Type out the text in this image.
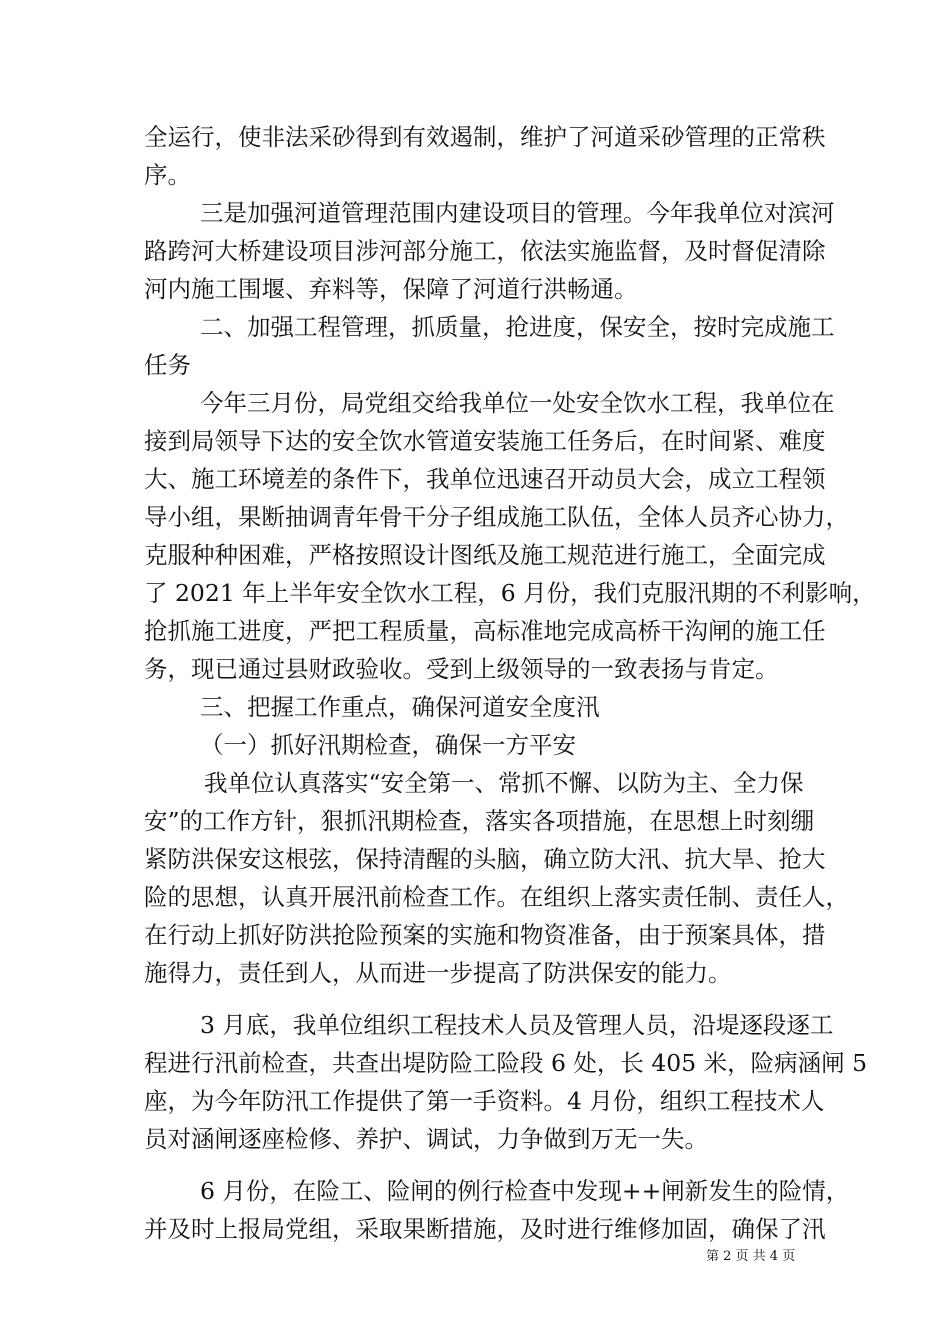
全运行，使非法采砂得到有效遏制，维护了河道采砂管理的正常秩
序。
三是加强河道管理范围内建设项目的管理。今年我单位对滨河
路跨河大桥建设项目涉河部分施工，依法实施监督，及时督促清除
河内施工围堰、弃料等，保障了河道行洪畅通。
二、加强工程管理，抓质量，抢进度，保安全，按时完成施工
任务
今年三月份，局党组交给我单位一处安全饮水工程，我单位在
接到局领导下达的安全饮水管道安装施工任务后，在时间紧、难度
大、施工环境差的条件下，我单位迅速召开动员大会，成立工程领
导小组，果断抽调青年骨干分子组成施工队伍，全体人员齐心协力，
克服种种困难，严格按照设计图纸及施工规范进行施工，全面完成
了 2021 年上半年安全饮水工程，6 月份，我们克服汛期的不利影响，
抢抓施工进度，严把工程质量，高标准地完成高桥干沟闸的施工任
务，现已通过县财政验收。受到上级领导的一致表扬与肯定。
三、把握工作重点，确保河道安全度汛
（一）抓好汛期检查，确保一方平安
我单位认真落实“安全第一、常抓不懈、以防为主、全力保
安”的工作方针，狠抓汛期检查，落实各项措施，在思想上时刻绷
紧防洪保安这根弦，保持清醒的头脑，确立防大汛、抗大旱、抢大
险的思想，认真开展汛前检查工作。在组织上落实责任制、责任人，
在行动上抓好防洪抢险预案的实施和物资准备，由于预案具体，措
施得力，责任到人，从而进一步提高了防洪保安的能力。
3 月底，我单位组织工程技术人员及管理人员，沿堤逐段逐工
程进行汛前检查，共查出堤防险工险段 6 处，长 405 米，险病涵闸 5
座，为今年防汛工作提供了第一手资料。4 月份，组织工程技术人
员对涵闸逐座检修、养护、调试，力争做到万无一失。
6 月份，在险工、险闸的例行检查中发现++闸新发生的险情，
并及时上报局党组，采取果断措施，及时进行维修加固，确保了汛
第 2 页 共 4 页
